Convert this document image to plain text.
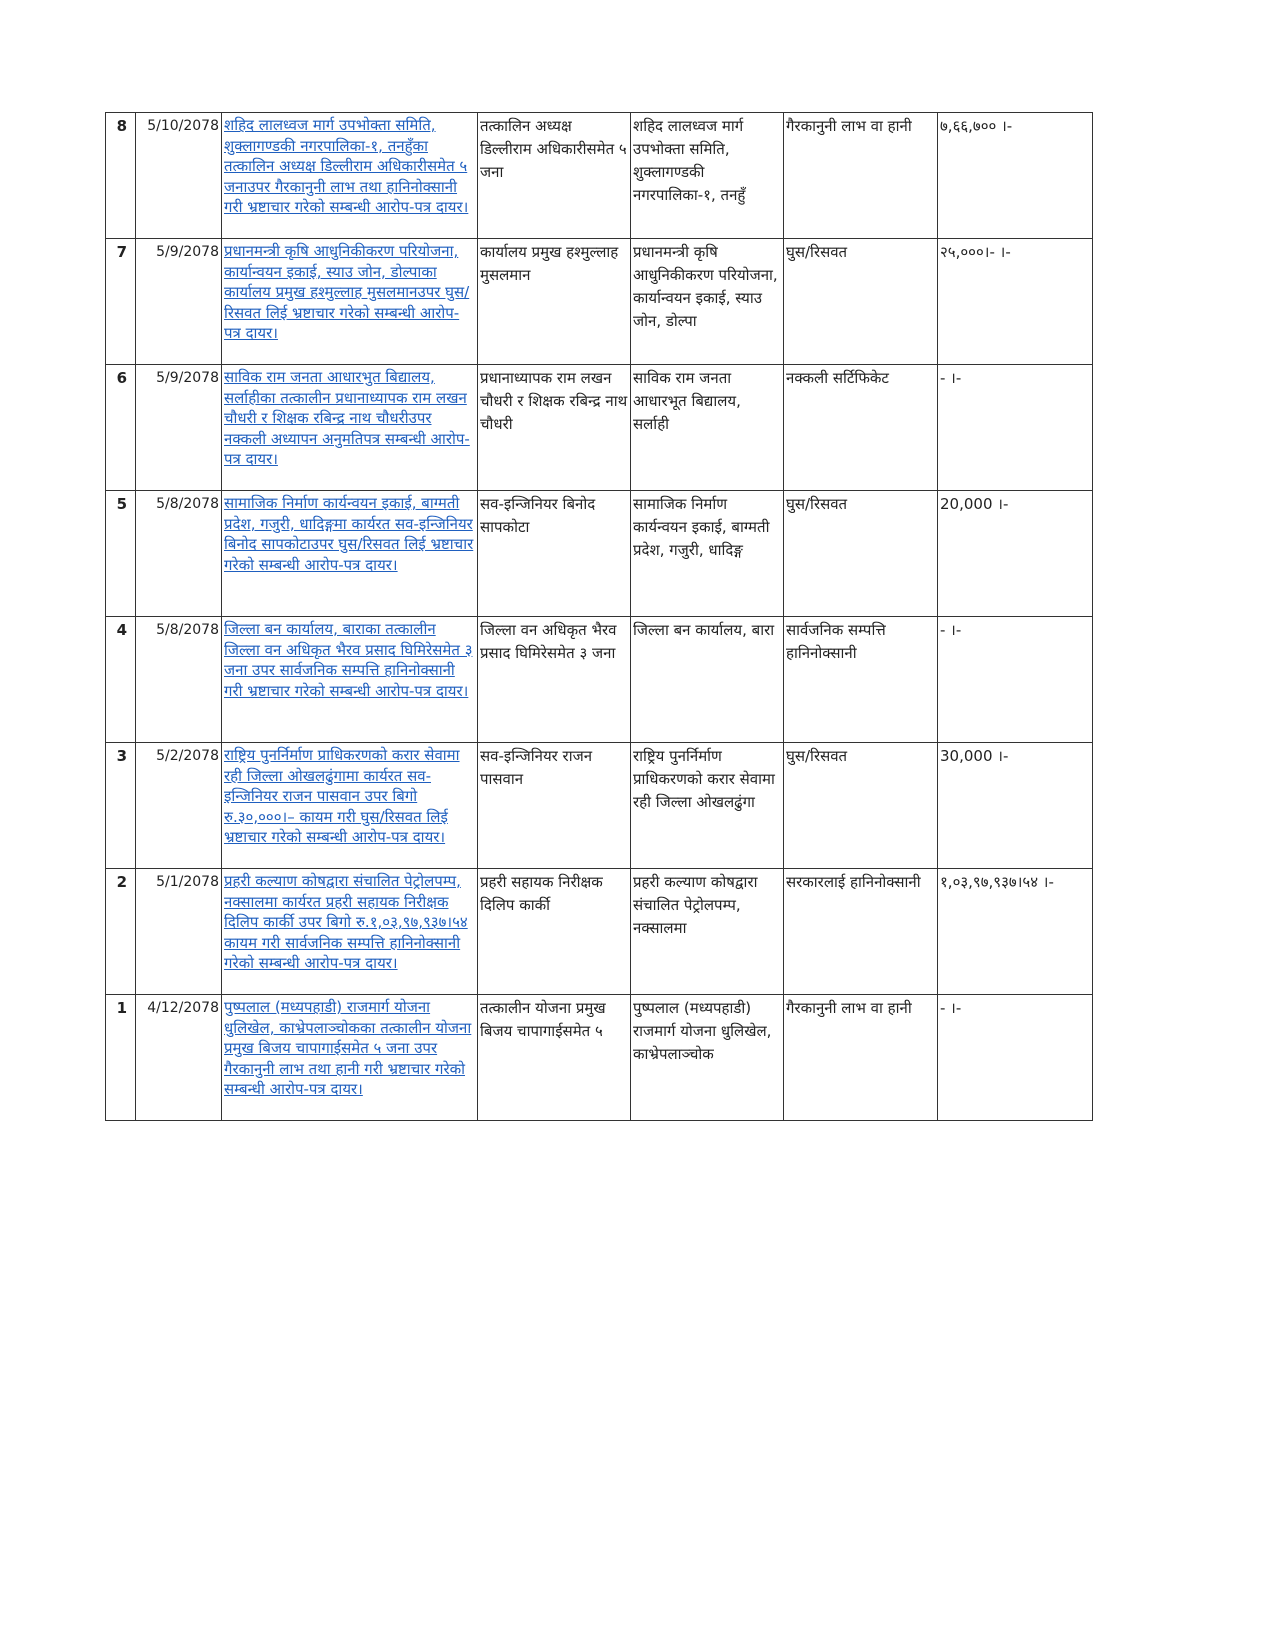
8	5/10/2078	शहिद लालध्वज मार्ग उपभोक्ता समिति, शुक्लागण्डकी नगरपालिका-१, तनहुँका तत्कालिन अध्यक्ष डिल्लीराम अधिकारीसमेत ५ जनाउपर गैरकानुनी लाभ तथा हानिनोक्सानी गरी भ्रष्टाचार गरेको सम्बन्धी आरोप-पत्र दायर।	तत्कालिन अध्यक्ष डिल्लीराम अधिकारीसमेत ५ जना	शहिद लालध्वज मार्ग उपभोक्ता समिति, शुक्लागण्डकी नगरपालिका-१, तनहुँ	गैरकानुनी लाभ वा हानी	७,६६,७०० ।-
7	5/9/2078	प्रधानमन्त्री कृषि आधुनिकीकरण परियोजना, कार्यान्वयन इकाई, स्याउ जोन, डोल्पाका कार्यालय प्रमुख हश्मुल्लाह मुसलमानउपर घुस/रिसवत लिई भ्रष्टाचार गरेको सम्बन्धी आरोप-पत्र दायर।	कार्यालय प्रमुख हश्मुल्लाह मुसलमान	प्रधानमन्त्री कृषि आधुनिकीकरण परियोजना, कार्यान्वयन इकाई, स्याउ जोन, डोल्पा	घुस/रिसवत	२५,०००।- ।-
6	5/9/2078	साविक राम जनता आधारभुत बिद्यालय, सर्लाहीका तत्कालीन प्रधानाध्यापक राम लखन चौधरी र शिक्षक रबिन्द्र नाथ चौधरीउपर नक्कली अध्यापन अनुमतिपत्र सम्बन्धी आरोप-पत्र दायर।	प्रधानाध्यापक राम लखन चौधरी र शिक्षक रबिन्द्र नाथ चौधरी	साविक राम जनता आधारभूत बिद्यालय, सर्लाही	नक्कली सर्टिफिकेट	- ।-
5	5/8/2078	सामाजिक निर्माण कार्यन्वयन इकाई, बाग्मती प्रदेश, गजुरी, धादिङ्गमा कार्यरत सव-इन्जिनियर बिनोद सापकोटाउपर घुस/रिसवत लिई भ्रष्टाचार गरेको सम्बन्धी आरोप-पत्र दायर।	सव-इन्जिनियर बिनोद सापकोटा	सामाजिक निर्माण कार्यन्वयन इकाई, बाग्मती प्रदेश, गजुरी, धादिङ्ग	घुस/रिसवत	20,000 ।-
4	5/8/2078	जिल्ला बन कार्यालय, बाराका तत्कालीन जिल्ला वन अधिकृत भैरव प्रसाद घिमिरेसमेत ३ जना उपर सार्वजनिक सम्पत्ति हानिनोक्सानी गरी भ्रष्टाचार गरेको सम्बन्धी आरोप-पत्र दायर।	जिल्ला वन अधिकृत भैरव प्रसाद घिमिरेसमेत ३ जना	जिल्ला बन कार्यालय, बारा	सार्वजनिक सम्पत्ति हानिनोक्सानी	- ।-
3	5/2/2078	राष्ट्रिय पुनर्निर्माण प्राधिकरणको करार सेवामा रही जिल्ला ओखलढुंगामा कार्यरत सव-इन्जिनियर राजन पासवान उपर बिगो रु.३०,०००।– कायम गरी घुस/रिसवत लिई भ्रष्टाचार गरेको सम्बन्धी आरोप-पत्र दायर।	सव-इन्जिनियर राजन पासवान	राष्ट्रिय पुनर्निर्माण प्राधिकरणको करार सेवामा रही जिल्ला ओखलढुंगा	घुस/रिसवत	30,000 ।-
2	5/1/2078	प्रहरी कल्याण कोषद्वारा संचालित पेट्रोलपम्प, नक्सालमा कार्यरत प्रहरी सहायक निरीक्षक दिलिप कार्की उपर बिगो रु.१,०३,९७,९३७।५४ कायम गरी सार्वजनिक सम्पत्ति हानिनोक्सानी गरेको सम्बन्धी आरोप-पत्र दायर।	प्रहरी सहायक निरीक्षक दिलिप कार्की	प्रहरी कल्याण कोषद्वारा संचालित पेट्रोलपम्प, नक्सालमा	सरकारलाई हानिनोक्सानी	१,०३,९७,९३७।५४ ।-
1	4/12/2078	पुष्पलाल (मध्यपहाडी) राजमार्ग योजना धुलिखेल, काभ्रेपलाञ्चोकका तत्कालीन योजना प्रमुख बिजय चापागाईसमेत ५ जना उपर गैरकानुनी लाभ तथा हानी गरी भ्रष्टाचार गरेको सम्बन्धी आरोप-पत्र दायर।	तत्कालीन योजना प्रमुख बिजय चापागाईसमेत ५	पुष्पलाल (मध्यपहाडी) राजमार्ग योजना धुलिखेल, काभ्रेपलाञ्चोक	गैरकानुनी लाभ वा हानी	- ।-
